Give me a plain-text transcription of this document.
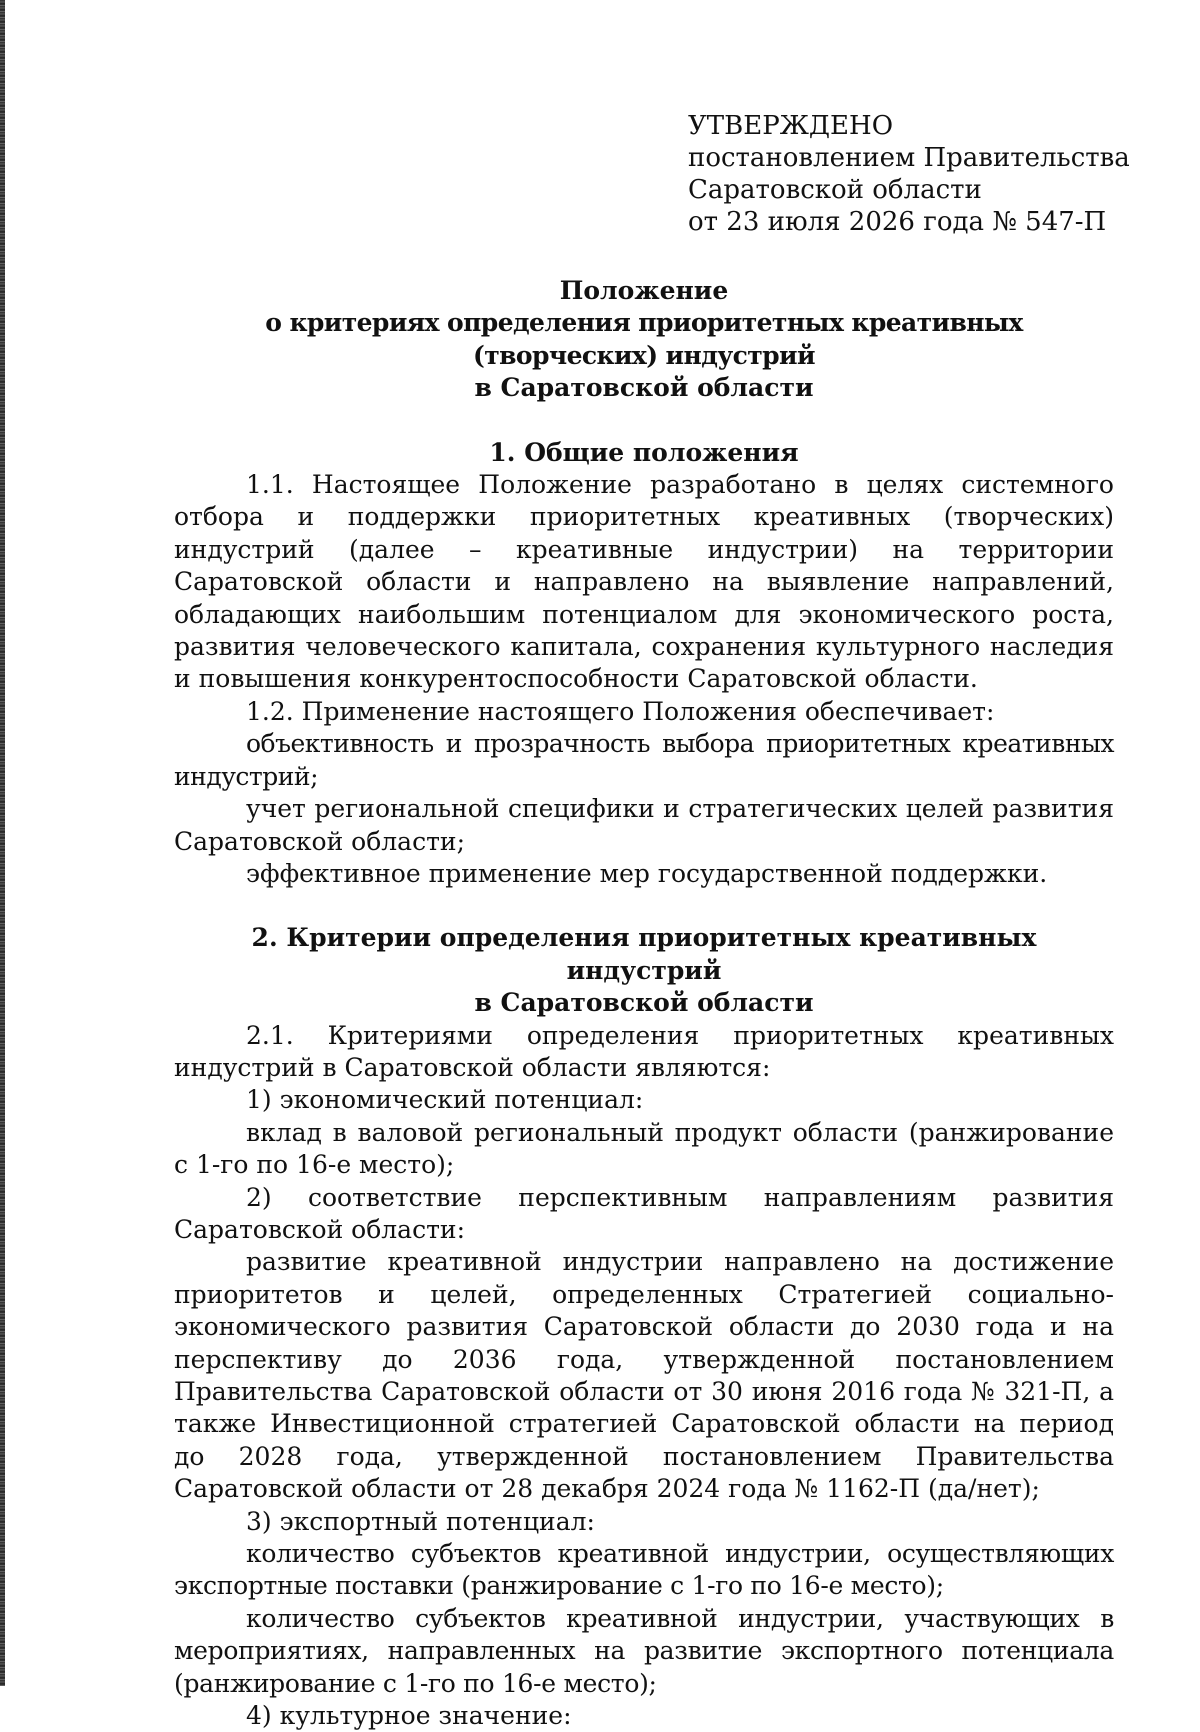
УТВЕРЖДЕНО
постановлением Правительства
Саратовской области
от 23 июля 2026 года № 547-П
Положение
о критериях определения приоритетных креативных (творческих) индустрий
в Саратовской области
1. Общие положения

1.1. Настоящее Положение разработано в целях системного отбора и поддержки приоритетных креативных (творческих) индустрий (далее – креативные индустрии) на территории Саратовской области и направлено на выявление направлений, обладающих наибольшим потенциалом для экономического роста, развития человеческого капитала, сохранения культурного наследия и повышения конкурентоспособности Саратовской области.

1.2. Применение настоящего Положения обеспечивает:

объективность и прозрачность выбора приоритетных креативных индустрий;

учет региональной специфики и стратегических целей развития Саратовской области;

эффективное применение мер государственной поддержки.

2. Критерии определения приоритетных креативных индустрий
в Саратовской области

2.1. Критериями определения приоритетных креативных индустрий в Саратовской области являются:

1) экономический потенциал:

вклад в валовой региональный продукт области (ранжирование с 1-го по 16-е место);

2) соответствие перспективным направлениям развития Саратовской области:

развитие креативной индустрии направлено на достижение приоритетов и целей, определенных Стратегией социально-экономического развития Саратовской области до 2030 года и на перспективу до 2036 года, утвержденной постановлением Правительства Саратовской области от 30 июня 2016 года № 321-П, а также Инвестиционной стратегией Саратовской области на период до 2028 года, утвержденной постановлением Правительства Саратовской области от 28 декабря 2024 года № 1162-П (да/нет);

3) экспортный потенциал:

количество субъектов креативной индустрии, осуществляющих экспортные поставки (ранжирование с 1-го по 16-е место);

количество субъектов креативной индустрии, участвующих в мероприятиях, направленных на развитие экспортного потенциала (ранжирование с 1-го по 16-е место);

4) культурное значение:
